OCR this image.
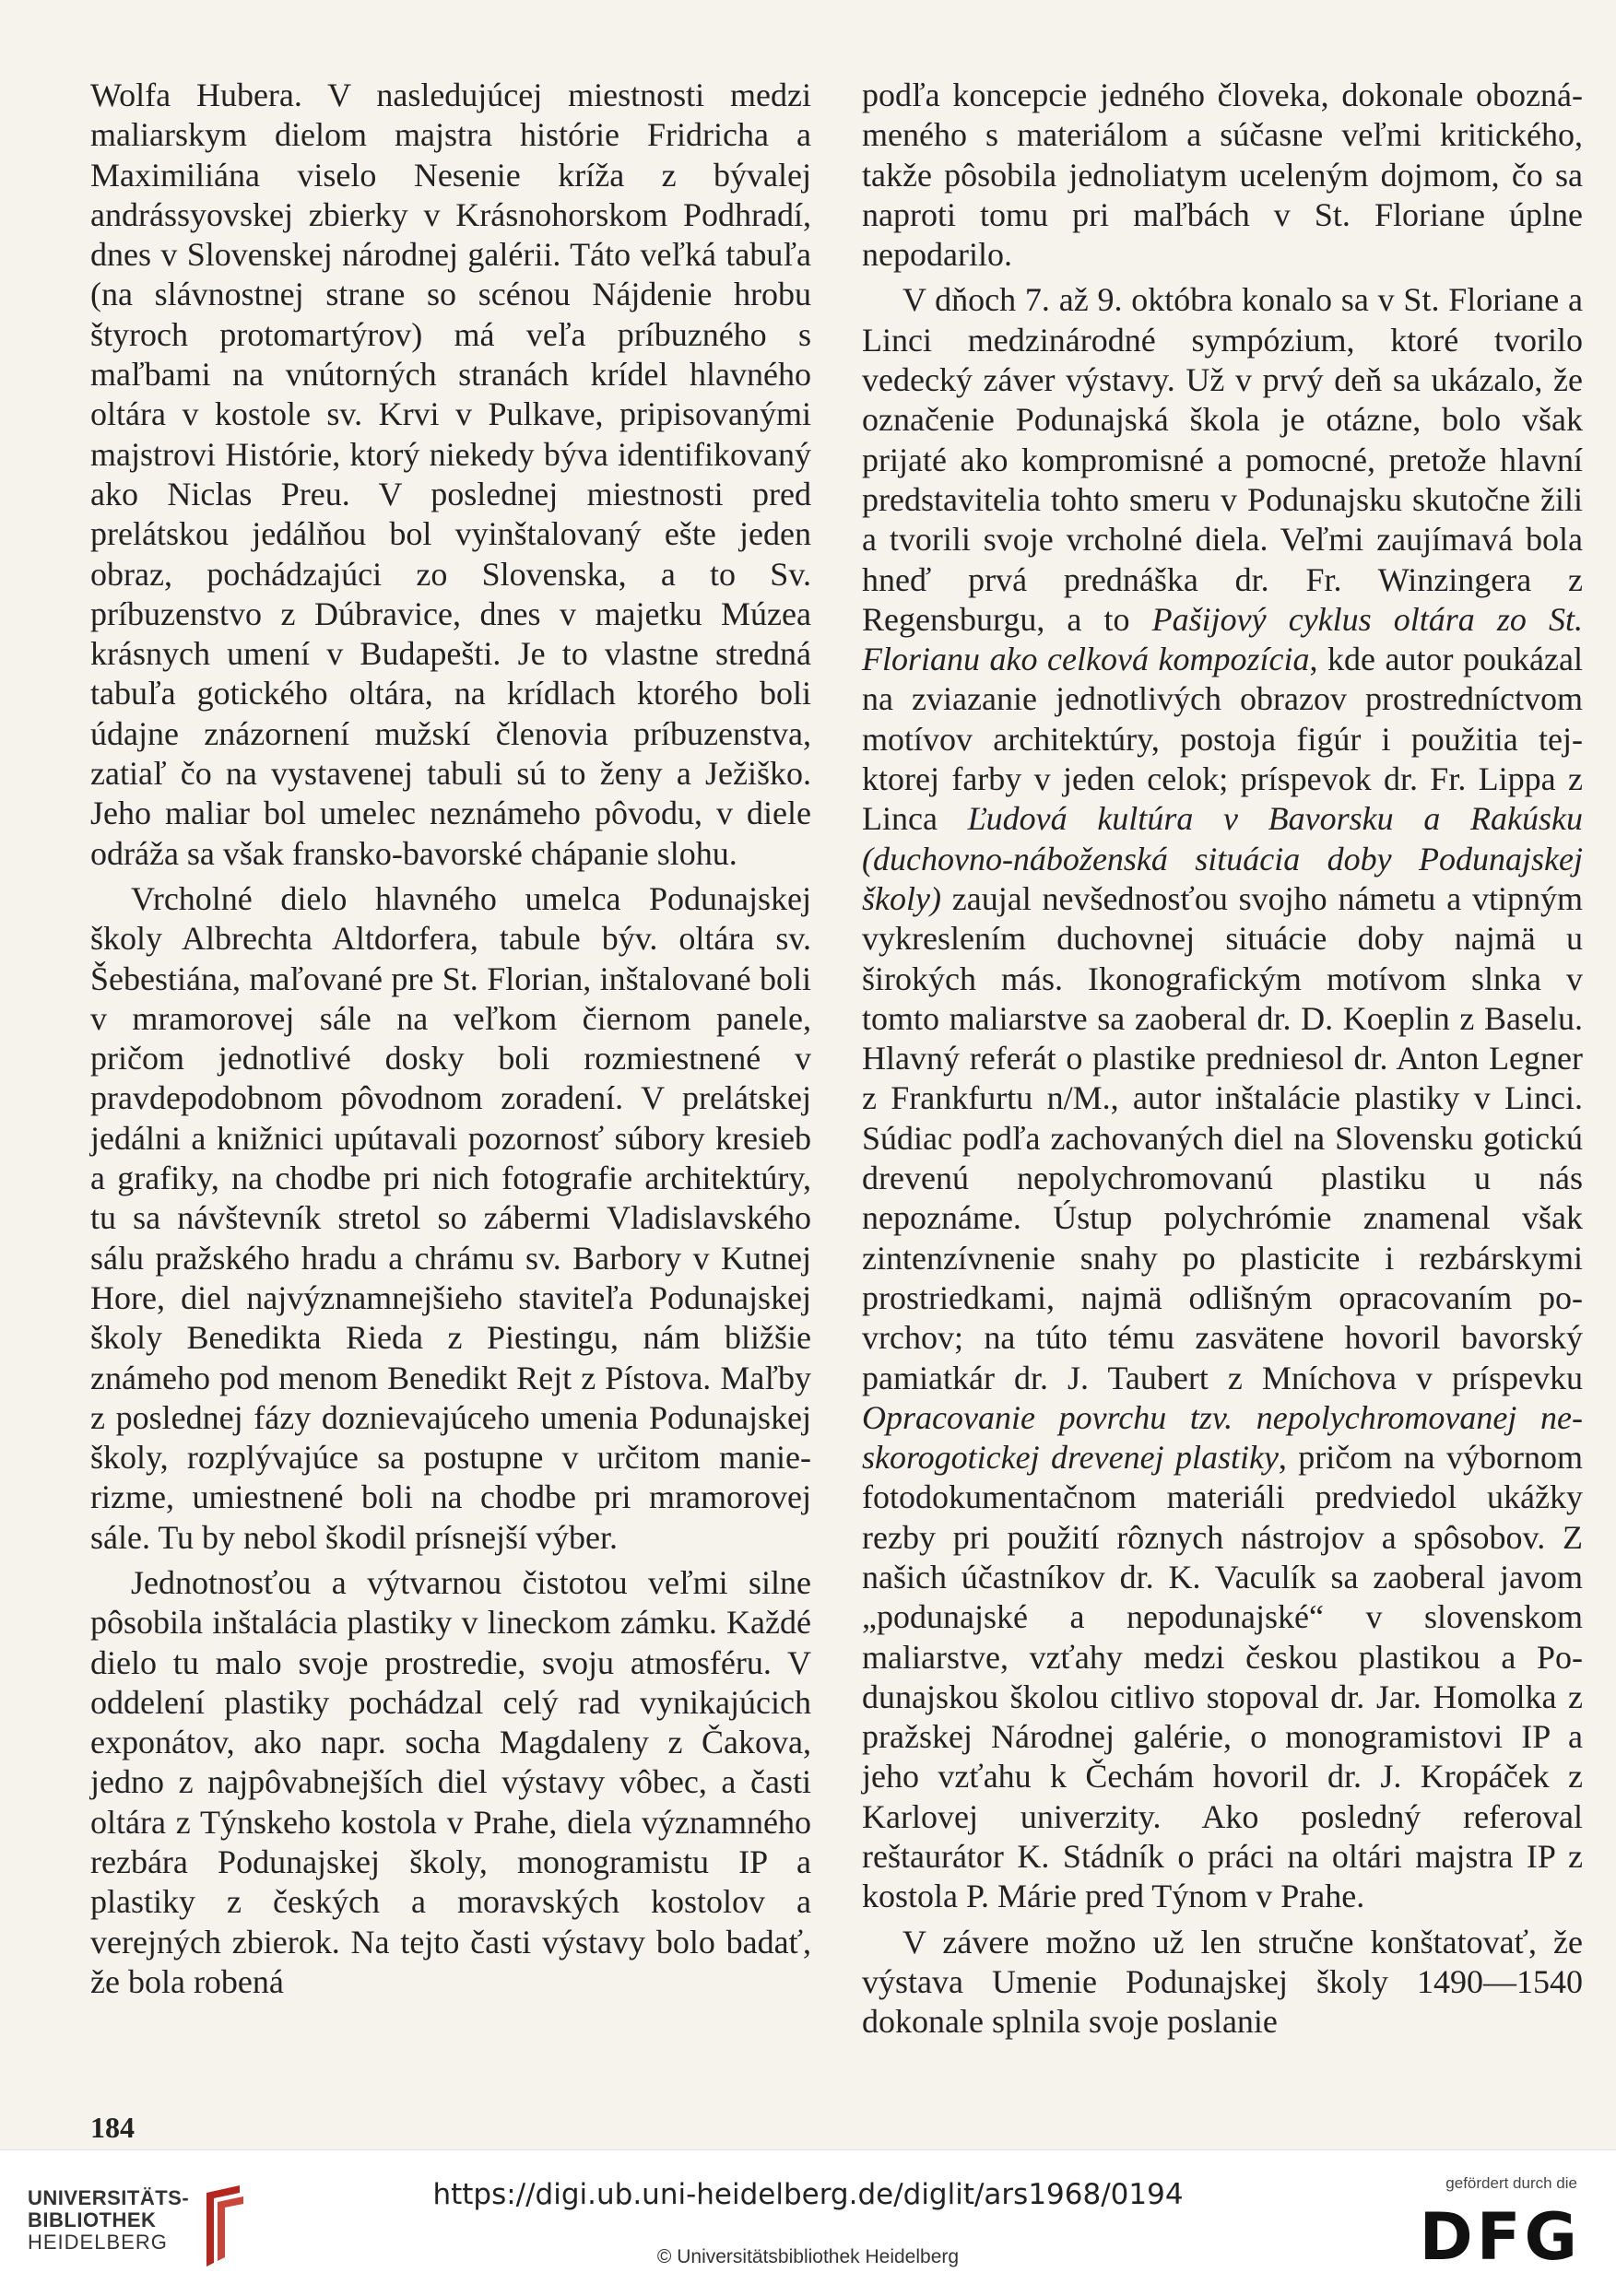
Wolfa Hubera. V nasledujúcej miestnosti medzi maliarskym dielom majstra histórie Fridricha a Maximiliána viselo Nesenie kríža z bývalej andrássyovskej zbierky v Krásnohorskom Podhradí, dnes v Slovenskej národnej galérii. Táto veľká tabuľa (na slávnostnej strane so scénou Nájdenie hrobu štyroch protomartýrov) má veľa príbuzného s maľbami na vnútorných stranách krídel hlavného oltára v kostole sv. Krvi v Pulkave, pripisovanými majstrovi Histórie, ktorý niekedy býva identifikovaný ako Niclas Preu. V poslednej miestnosti pred prelátskou jedálňou bol vyinštalovaný ešte jeden obraz, pochádzajúci zo Slovenska, a to Sv. príbuzenstvo z Dúbravice, dnes v majetku Múzea krásnych umení v Budapešti. Je to vlastne stredná tabuľa gotického oltára, na krídlach ktorého boli údajne znázornení mužskí členovia príbuzenstva, zatiaľ čo na vystavenej tabuli sú to ženy a Ježiško. Jeho maliar bol umelec neznámeho pôvodu, v diele odráža sa však fransko-bavorské chápanie slohu.

Vrcholné dielo hlavného umelca Podunajskej školy Albrechta Altdorfera, tabule býv. oltára sv. Šebestiána, maľované pre St. Florian, inštalované boli v mramorovej sále na veľkom čiernom panele, pričom jednotlivé dosky boli rozmiestnené v pravdepodobnom pôvodnom zoradení. V prelátskej jedálni a knižnici upútavali pozornosť súbory kresieb a grafiky, na chodbe pri nich fotografie architektúry, tu sa návštevník stretol so zábermi Vladislavského sálu pražského hradu a chrámu sv. Barbory v Kutnej Hore, diel najvýznamnejšieho staviteľa Podunajskej školy Benedikta Rieda z Piestingu, nám bližšie známeho pod menom Benedikt Rejt z Pístova. Maľby z poslednej fázy doznievajúceho umenia Podunajskej školy, rozplývajúce sa postupne v určitom manierizme, umiestnené boli na chodbe pri mramorovej sále. Tu by nebol škodil prísnejší výber.

Jednotnosťou a výtvarnou čistotou veľmi silne pôsobila inštalácia plastiky v lineckom zámku. Každé dielo tu malo svoje prostredie, svoju atmosféru. V oddelení plastiky pochádzal celý rad vynikajúcich exponátov, ako napr. socha Magdaleny z Čakova, jedno z najpôvabnejších diel výstavy vôbec, a časti oltára z Týnskeho kostola v Prahe, diela významného rezbára Podunajskej školy, monogramistu IP a plastiky z českých a moravských kostolov a verejných zbierok. Na tejto časti výstavy bolo badať, že bola robená

podľa koncepcie jedného človeka, dokonale oboznámeného s materiálom a súčasne veľmi kritického, takže pôsobila jednoliatym uceleným dojmom, čo sa naproti tomu pri maľbách v St. Floriane úplne nepodarilo.

V dňoch 7. až 9. októbra konalo sa v St. Floriane a Linci medzinárodné sympózium, ktoré tvorilo vedecký záver výstavy. Už v prvý deň sa ukázalo, že označenie Podunajská škola je otázne, bolo však prijaté ako kompromisné a pomocné, pretože hlavní predstavitelia tohto smeru v Podunajsku skutočne žili a tvorili svoje vrcholné diela. Veľmi zaujímavá bola hneď prvá prednáška dr. Fr. Winzingera z Regensburgu, a to Pašijový cyklus oltára zo St. Florianu ako celková kompozícia, kde autor poukázal na zviazanie jednotlivých obrazov prostredníctvom motívov architektúry, postoja figúr i použitia tej-ktorej farby v jeden celok; príspevok dr. Fr. Lippa z Linca Ľudová kultúra v Bavorsku a Rakúsku (duchovno-náboženská situácia doby Podunajskej školy) zaujal nevšednosťou svojho námetu a vtipným vykreslením duchovnej situácie doby najmä u širokých más. Ikonografickým motívom slnka v tomto maliarstve sa zaoberal dr. D. Koeplin z Baselu. Hlavný referát o plastike predniesol dr. Anton Legner z Frankfurtu n/M., autor inštalácie plastiky v Linci. Súdiac podľa zachovaných diel na Slovensku gotickú drevenú nepolychromovanú plastiku u nás nepoznáme. Ústup polychrómie znamenal však zintenzívnenie snahy po plasticite i rezbárskymi prostriedkami, najmä odlišným opracovaním povrchov; na túto tému zasvätene hovoril bavorský pamiatkár dr. J. Taubert z Mníchova v príspevku Opracovanie povrchu tzv. nepolychromovanej neskorogotickej drevenej plastiky, pričom na výbornom fotodokumentačnom materiáli predviedol ukážky rezby pri použití rôznych nástrojov a spôsobov. Z našich účastníkov dr. K. Vaculík sa zaoberal javom „podunajské a nepodunajské“ v slovenskom maliarstve, vzťahy medzi českou plastikou a Podunajskou školou citlivo stopoval dr. Jar. Homolka z pražskej Národnej galérie, o monogramistovi IP a jeho vzťahu k Čechám hovoril dr. J. Kropáček z Karlovej univerzity. Ako posledný referoval reštaurátor K. Stádník o práci na oltári majstra IP z kostola P. Márie pred Týnom v Prahe.

V závere možno už len stručne konštatovať, že výstava Umenie Podunajskej školy 1490—1540 dokonale splnila svoje poslanie

184
UNIVERSITÄTS-
BIBLIOTHEK
HEIDELBERG
https://digi.ub.uni-heidelberg.de/diglit/ars1968/0194
© Universitätsbibliothek Heidelberg
gefördert durch die
DFG
